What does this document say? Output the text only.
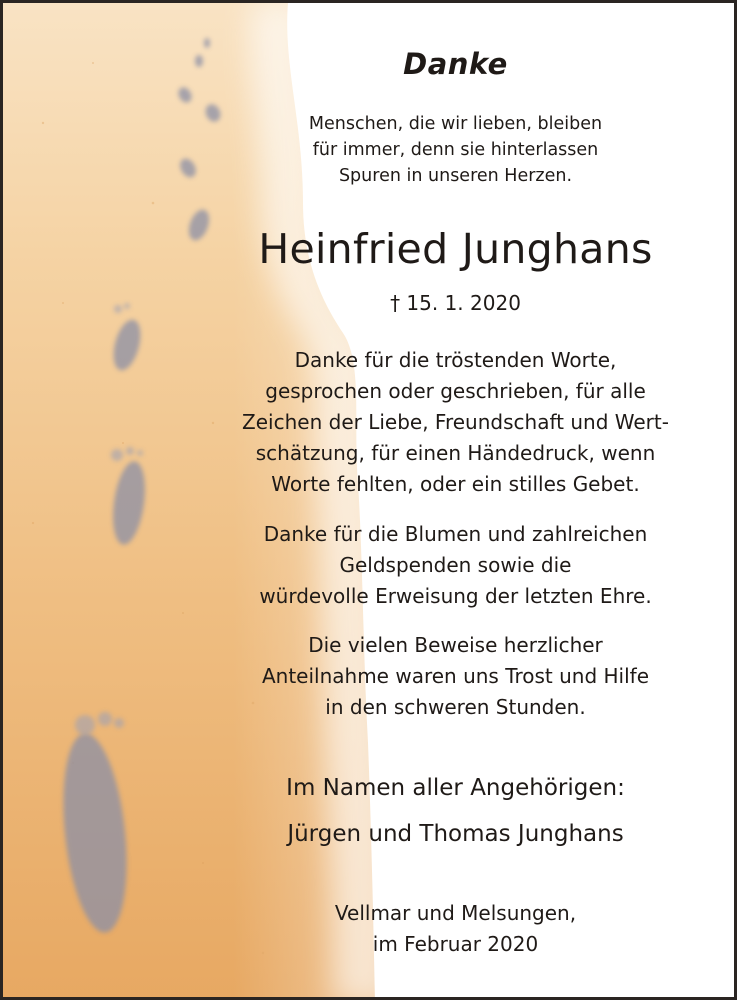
Danke
Menschen, die wir lieben, bleiben
für immer, denn sie hinterlassen
Spuren in unseren Herzen.
Heinfried Junghans
† 15. 1. 2020
Danke für die tröstenden Worte,
gesprochen oder geschrieben, für alle
Zeichen der Liebe, Freundschaft und Wert-
schätzung, für einen Händedruck, wenn
Worte fehlten, oder ein stilles Gebet.
Danke für die Blumen und zahlreichen
Geldspenden sowie die
würdevolle Erweisung der letzten Ehre.
Die vielen Beweise herzlicher
Anteilnahme waren uns Trost und Hilfe
in den schweren Stunden.
Im Namen aller Angehörigen:
Jürgen und Thomas Junghans
Vellmar und Melsungen,
im Februar 2020
